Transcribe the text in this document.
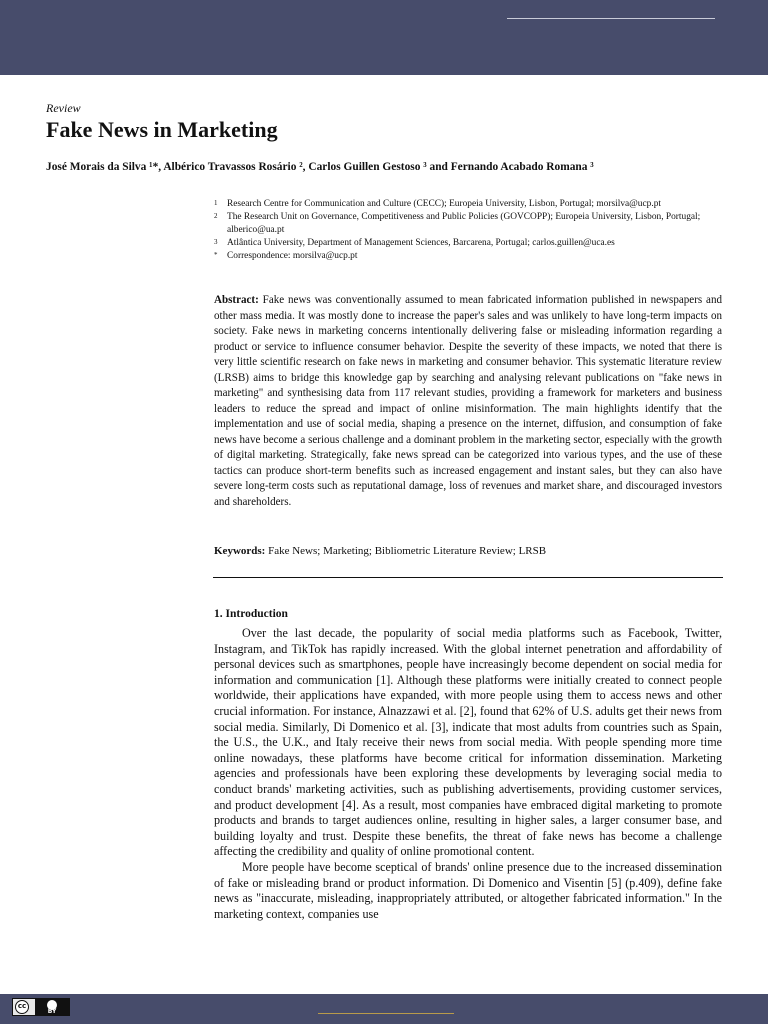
Review
Fake News in Marketing
José Morais da Silva ¹*, Albérico Travassos Rosário ², Carlos Guillen Gestoso ³ and Fernando Acabado Romana ³
1 Research Centre for Communication and Culture (CECC); Europeia University, Lisbon, Portugal; morsilva@ucp.pt
2 The Research Unit on Governance, Competitiveness and Public Policies (GOVCOPP); Europeia University, Lisbon, Portugal; alberico@ua.pt
3 Atlântica University, Department of Management Sciences, Barcarena, Portugal; carlos.guillen@uca.es
* Correspondence: morsilva@ucp.pt
Abstract: Fake news was conventionally assumed to mean fabricated information published in newspapers and other mass media. It was mostly done to increase the paper's sales and was unlikely to have long-term impacts on society. Fake news in marketing concerns intentionally delivering false or misleading information regarding a product or service to influence consumer behavior. Despite the severity of these impacts, we noted that there is very little scientific research on fake news in marketing and consumer behavior. This systematic literature review (LRSB) aims to bridge this knowledge gap by searching and analysing relevant publications on "fake news in marketing" and synthesising data from 117 relevant studies, providing a framework for marketers and business leaders to reduce the spread and impact of online misinformation. The main highlights identify that the implementation and use of social media, shaping a presence on the internet, diffusion, and consumption of fake news have become a serious challenge and a dominant problem in the marketing sector, especially with the growth of digital marketing. Strategically, fake news spread can be categorized into various types, and the use of these tactics can produce short-term benefits such as increased engagement and instant sales, but they can also have severe long-term costs such as reputational damage, loss of revenues and market share, and discouraged investors and shareholders.
Keywords: Fake News; Marketing; Bibliometric Literature Review; LRSB
1. Introduction

Over the last decade, the popularity of social media platforms such as Facebook, Twitter, Instagram, and TikTok has rapidly increased. With the global internet penetration and affordability of personal devices such as smartphones, people have increasingly become dependent on social media for information and communication [1]. Although these platforms were initially created to connect people worldwide, their applications have expanded, with more people using them to access news and other crucial information. For instance, Alnazzawi et al. [2], found that 62% of U.S. adults get their news from social media. Similarly, Di Domenico et al. [3], indicate that most adults from countries such as Spain, the U.S., the U.K., and Italy receive their news from social media. With people spending more time online nowadays, these platforms have become critical for information dissemination. Marketing agencies and professionals have been exploring these developments by leveraging social media to conduct brands' marketing activities, such as publishing advertisements, providing customer services, and product development [4]. As a result, most companies have embraced digital marketing to promote products and brands to target audiences online, resulting in higher sales, a larger consumer base, and building loyalty and trust. Despite these benefits, the threat of fake news has become a challenge affecting the credibility and quality of online promotional content.

More people have become sceptical of brands' online presence due to the increased dissemination of fake or misleading brand or product information. Di Domenico and Visentin [5] (p.409), define fake news as "inaccurate, misleading, inappropriately attributed, or altogether fabricated information." In the marketing context, companies use

cc
BY
